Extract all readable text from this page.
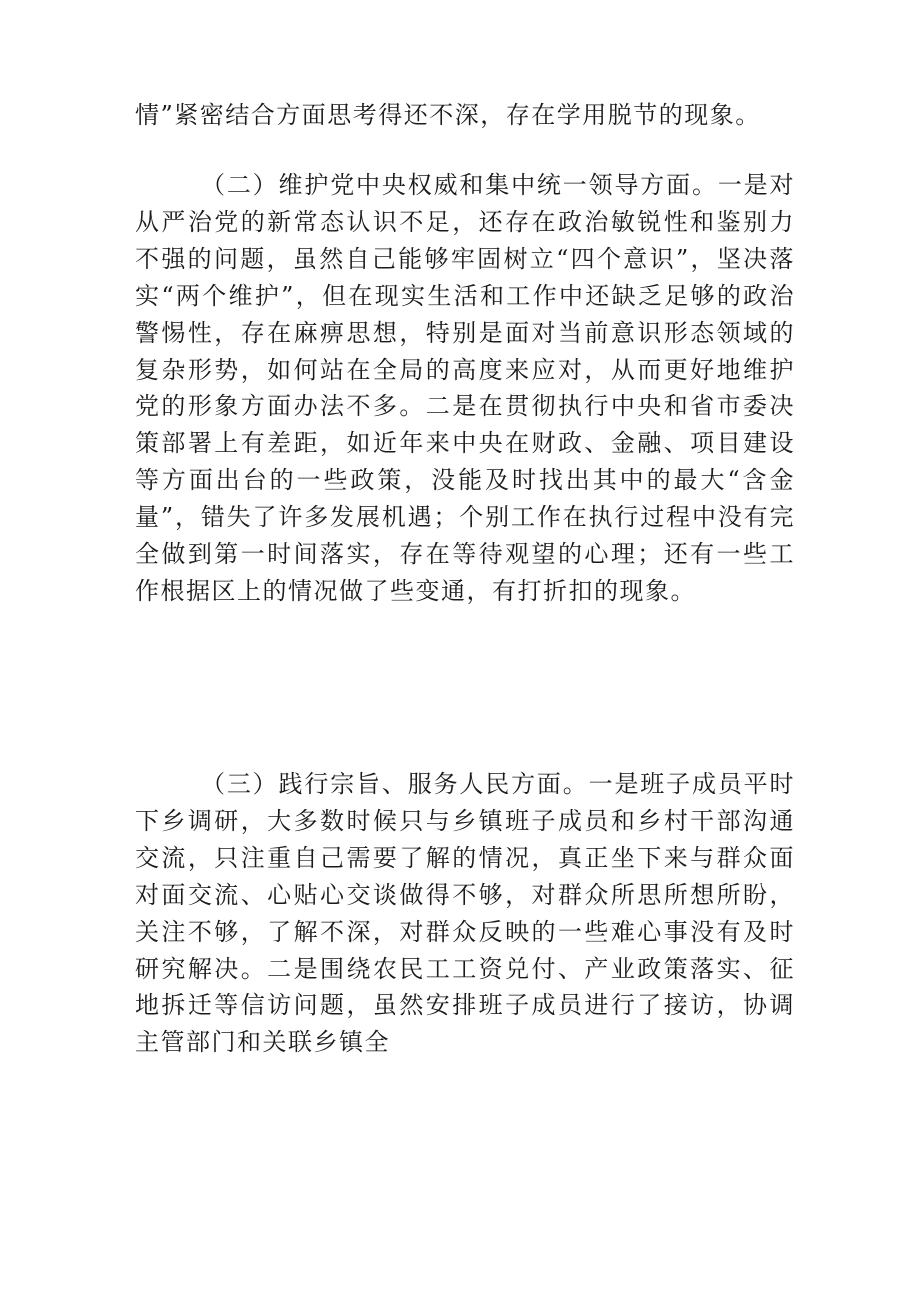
情”紧密结合方面思考得还不深，存在学用脱节的现象。

（二）维护党中央权威和集中统一领导方面。一是对从严治党的新常态认识不足，还存在政治敏锐性和鉴别力不强的问题，虽然自己能够牢固树立“四个意识”，坚决落实“两个维护”，但在现实生活和工作中还缺乏足够的政治警惕性，存在麻痹思想，特别是面对当前意识形态领域的复杂形势，如何站在全局的高度来应对，从而更好地维护党的形象方面办法不多。二是在贯彻执行中央和省市委决策部署上有差距，如近年来中央在财政、金融、项目建设等方面出台的一些政策，没能及时找出其中的最大“含金量”，错失了许多发展机遇；个别工作在执行过程中没有完全做到第一时间落实，存在等待观望的心理；还有一些工作根据区上的情况做了些变通，有打折扣的现象。

（三）践行宗旨、服务人民方面。一是班子成员平时下乡调研，大多数时候只与乡镇班子成员和乡村干部沟通交流，只注重自己需要了解的情况，真正坐下来与群众面对面交流、心贴心交谈做得不够，对群众所思所想所盼，关注不够，了解不深，对群众反映的一些难心事没有及时研究解决。二是围绕农民工工资兑付、产业政策落实、征地拆迁等信访问题，虽然安排班子成员进行了接访，协调主管部门和关联乡镇全
